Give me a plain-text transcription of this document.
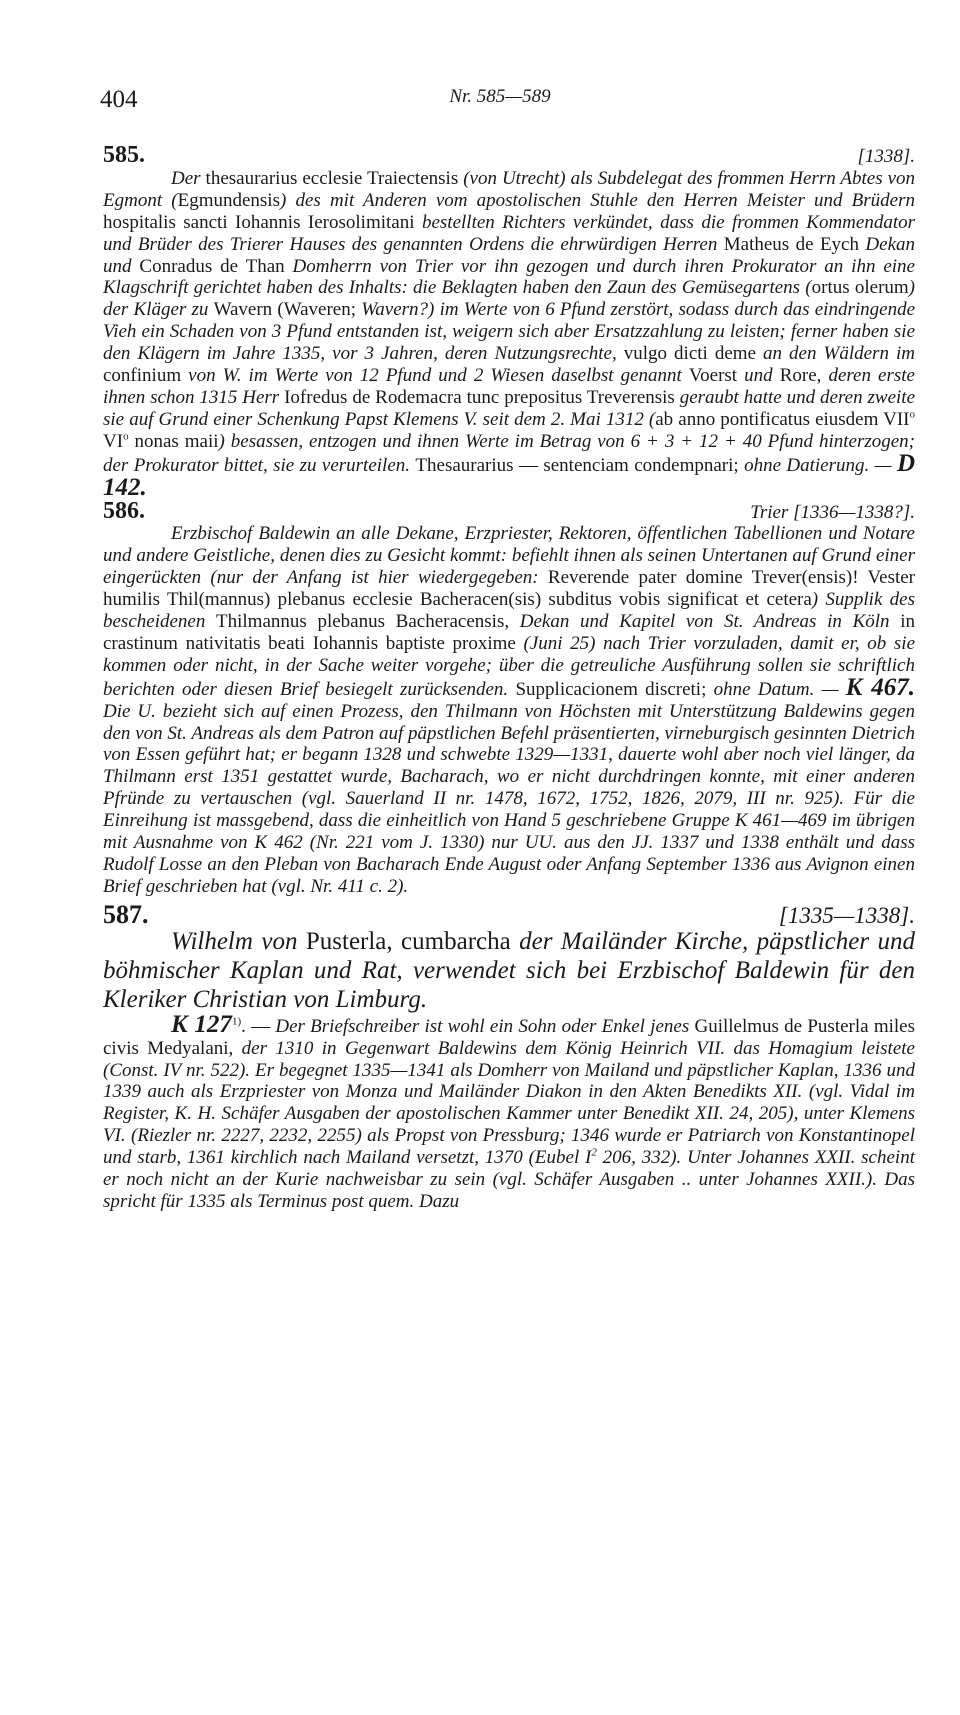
404	Nr. 585—589
585.	[1338].

Der thesaurarius ecclesie Traiectensis (von Utrecht) als Subdelegat des frommen Herrn Abtes von Egmont (Egmundensis) des mit Anderen vom apostolischen Stuhle den Herren Meister und Brüdern hospitalis sancti Iohannis Ierosolimitani bestellten Richters verkündet, dass die frommen Kommendator und Brüder des Trierer Hauses des genannten Ordens die ehrwürdigen Herren Matheus de Eych Dekan und Conradus de Than Domherrn von Trier vor ihn gezogen und durch ihren Prokurator an ihn eine Klagschrift gerichtet haben des Inhalts: die Beklagten haben den Zaun des Gemüsegartens (ortus olerum) der Kläger zu Wavern (Waveren; Wavern?) im Werte von 6 Pfund zerstört, sodass durch das eindringende Vieh ein Schaden von 3 Pfund entstanden ist, weigern sich aber Ersatzzahlung zu leisten; ferner haben sie den Klägern im Jahre 1335, vor 3 Jahren, deren Nutzungsrechte, vulgo dicti deme an den Wäldern im confinium von W. im Werte von 12 Pfund und 2 Wiesen daselbst genannt Voerst und Rore, deren erste ihnen schon 1315 Herr Iofredus de Rodemacra tunc prepositus Treverensis geraubt hatte und deren zweite sie auf Grund einer Schenkung Papst Klemens V. seit dem 2. Mai 1312 (ab anno pontificatus eiusdem VII$^o$ $VI^o$ nonas maii) besassen, entzogen und ihnen Werte im Betrag von 6 + 3 + 12 + 40 Pfund hinterzogen; der Prokurator bittet, sie zu verurteilen. Thesaurarius — sentenciam condempnari; ohne Datierung. — D 142.

586.	Trier [1336—1338?].

Erzbischof Baldewin an alle Dekane, Erzpriester, Rektoren, öffentlichen Tabellionen und Notare und andere Geistliche, denen dies zu Gesicht kommt: befiehlt ihnen als seinen Untertanen auf Grund einer eingerückten (nur der Anfang ist hier wiedergegeben: Reverende pater domine Trever(ensis)! Vester humilis Thil(mannus) plebanus ecclesie Bacheracen(sis) subditus vobis significat et cetera) Supplik des bescheidenen Thilmannus plebanus Bacheracensis, Dekan und Kapitel von St. Andreas in Köln in crastinum nativitatis beati Iohannis baptiste proxime (Juni 25) nach Trier vorzuladen, damit er, ob sie kommen oder nicht, in der Sache weiter vorgehe; über die getreuliche Ausführung sollen sie schriftlich berichten oder diesen Brief besiegelt zurücksenden. Supplicacionem discreti; ohne Datum. — K 467. Die U. bezieht sich auf einen Prozess, den Thilmann von Höchsten mit Unterstützung Baldewins gegen den von St. Andreas als dem Patron auf päpstlichen Befehl präsentierten, virneburgisch gesinnten Dietrich von Essen geführt hat; er begann 1328 und schwebte 1329—1331, dauerte wohl aber noch viel länger, da Thilmann erst 1351 gestattet wurde, Bacharach, wo er nicht durchdringen konnte, mit einer anderen Pfründe zu vertauschen (vgl. Sauerland II nr. 1478, 1672, 1752, 1826, 2079, III nr. 925). Für die Einreihung ist massgebend, dass die einheitlich von Hand 5 geschriebene Gruppe K 461—469 im übrigen mit Ausnahme von K 462 (Nr. 221 vom J. 1330) nur UU. aus den JJ. 1337 und 1338 enthält und dass Rudolf Losse an den Pleban von Bacharach Ende August oder Anfang September 1336 aus Avignon einen Brief geschrieben hat (vgl. Nr. 411 c. 2).

587.	[1335—1338].

Wilhelm von Pusterla, cumbarcha der Mailänder Kirche, päpstlicher und böhmischer Kaplan und Rat, verwendet sich bei Erzbischof Baldewin für den Kleriker Christian von Limburg.

K 127$^{1)}$. — Der Briefschreiber ist wohl ein Sohn oder Enkel jenes Guillelmus de Pusterla miles civis Medyalani, der 1310 in Gegenwart Baldewins dem König Heinrich VII. das Homagium leistete (Const. IV nr. 522). Er begegnet 1335—1341 als Domherr von Mailand und päpstlicher Kaplan, 1336 und 1339 auch als Erzpriester von Monza und Mailänder Diakon in den Akten Benedikts XII. (vgl. Vidal im Register, K. H. Schäfer Ausgaben der apostolischen Kammer unter Benedikt XII. 24, 205), unter Klemens VI. (Riezler nr. 2227, 2232, 2255) als Propst von Pressburg; 1346 wurde er Patriarch von Konstantinopel und starb, 1361 kirchlich nach Mailand versetzt, 1370 (Eubel $I^2$ 206, 332). Unter Johannes XXII. scheint er noch nicht an der Kurie nachweisbar zu sein (vgl. Schäfer Ausgaben .. unter Johannes XXII.). Das spricht für 1335 als Terminus post quem. Dazu
